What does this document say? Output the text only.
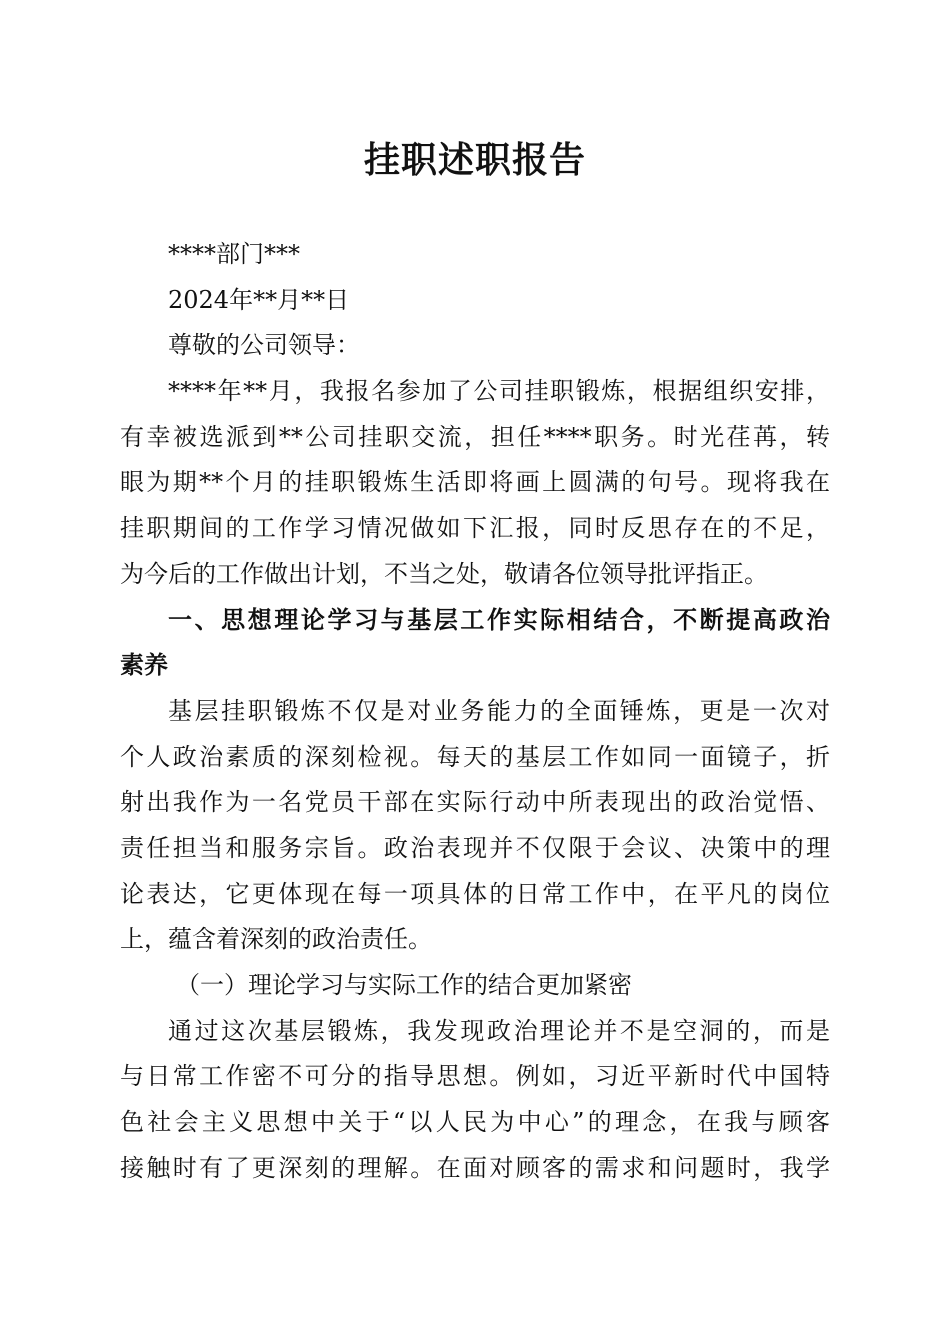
挂职述职报告
****部门***
2024年**月**日
尊敬的公司领导：
****年**月，我报名参加了公司挂职锻炼，根据组织安排，
有幸被选派到**公司挂职交流，担任****职务。时光荏苒，转
眼为期**个月的挂职锻炼生活即将画上圆满的句号。现将我在
挂职期间的工作学习情况做如下汇报，同时反思存在的不足，
为今后的工作做出计划，不当之处，敬请各位领导批评指正。
一、思想理论学习与基层工作实际相结合，不断提高政治
素养
基层挂职锻炼不仅是对业务能力的全面锤炼，更是一次对
个人政治素质的深刻检视。每天的基层工作如同一面镜子，折
射出我作为一名党员干部在实际行动中所表现出的政治觉悟、
责任担当和服务宗旨。政治表现并不仅限于会议、决策中的理
论表达，它更体现在每一项具体的日常工作中，在平凡的岗位
上，蕴含着深刻的政治责任。
（一）理论学习与实际工作的结合更加紧密
通过这次基层锻炼，我发现政治理论并不是空洞的，而是
与日常工作密不可分的指导思想。例如，习近平新时代中国特
色社会主义思想中关于“以人民为中心”的理念，在我与顾客
接触时有了更深刻的理解。在面对顾客的需求和问题时，我学
